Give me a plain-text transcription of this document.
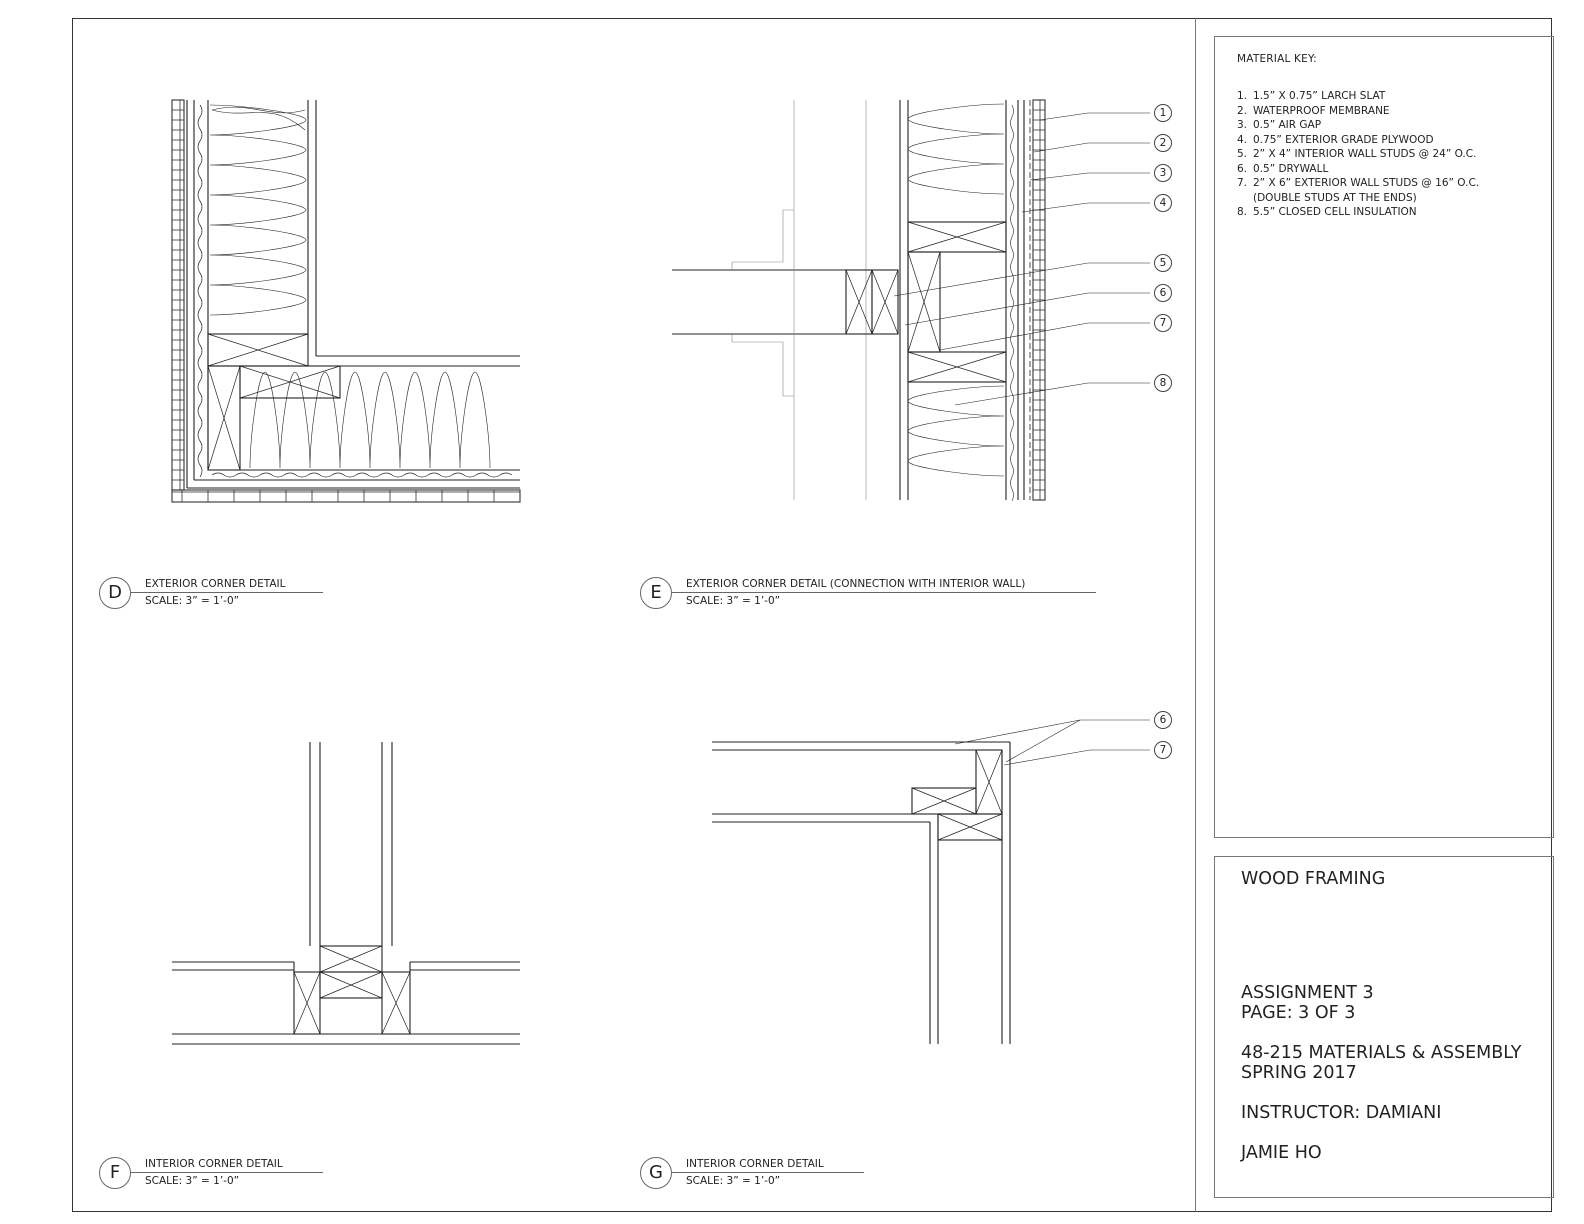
1
2
3
4
5
6
7
8
6
7
D	EXTERIOR CORNER DETAIL
SCALE: 3” = 1’-0”	E	EXTERIOR CORNER DETAIL (CONNECTION WITH INTERIOR WALL)
SCALE: 3” = 1’-0”
F	INTERIOR CORNER DETAIL
SCALE: 3” = 1’-0”	G	INTERIOR CORNER DETAIL
SCALE: 3” = 1’-0”
MATERIAL KEY:
1. 1.5” X 0.75” LARCH SLAT
2. WATERPROOF MEMBRANE
3. 0.5” AIR GAP
4. 0.75” EXTERIOR GRADE PLYWOOD
5. 2” X 4” INTERIOR WALL STUDS @ 24” O.C.
6. 0.5” DRYWALL
7. 2” X 6” EXTERIOR WALL STUDS @ 16” O.C.
(DOUBLE STUDS AT THE ENDS)
8. 5.5” CLOSED CELL INSULATION
WOOD FRAMING
ASSIGNMENT 3
PAGE: 3 OF 3
48-215 MATERIALS & ASSEMBLY
SPRING 2017
INSTRUCTOR: DAMIANI
JAMIE HO
